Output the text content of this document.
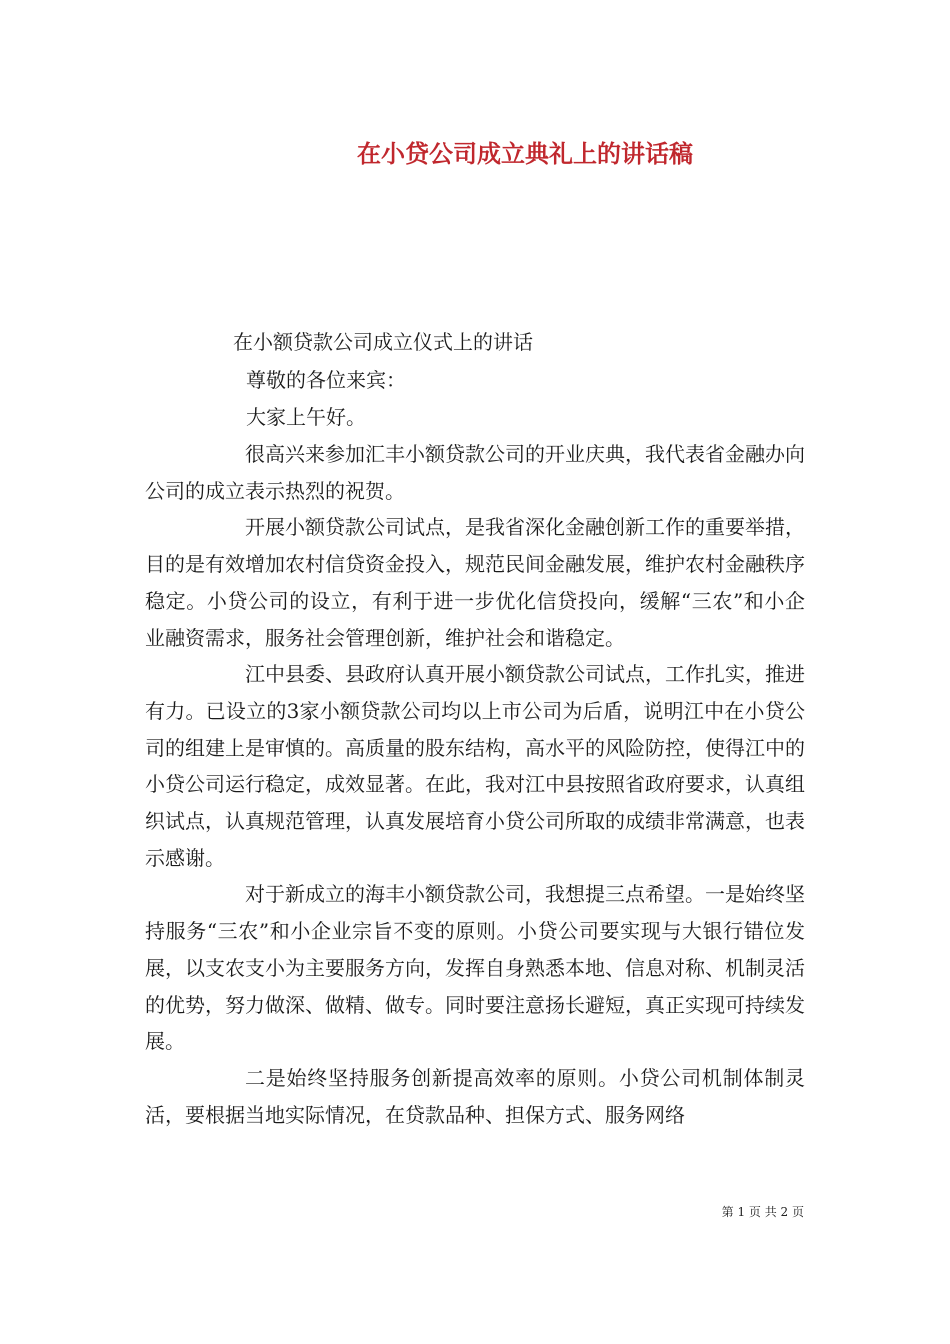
在小贷公司成立典礼上的讲话稿
在小额贷款公司成立仪式上的讲话
尊敬的各位来宾：
大家上午好。

很高兴来参加汇丰小额贷款公司的开业庆典，我代表省金融办向公司的成立表示热烈的祝贺。

开展小额贷款公司试点，是我省深化金融创新工作的重要举措，目的是有效增加农村信贷资金投入，规范民间金融发展，维护农村金融秩序稳定。小贷公司的设立，有利于进一步优化信贷投向，缓解“三农”和小企业融资需求，服务社会管理创新，维护社会和谐稳定。

江中县委、县政府认真开展小额贷款公司试点，工作扎实，推进有力。已设立的3家小额贷款公司均以上市公司为后盾，说明江中在小贷公司的组建上是审慎的。高质量的股东结构，高水平的风险防控，使得江中的小贷公司运行稳定，成效显著。在此，我对江中县按照省政府要求，认真组织试点，认真规范管理，认真发展培育小贷公司所取的成绩非常满意，也表示感谢。

对于新成立的海丰小额贷款公司，我想提三点希望。一是始终坚持服务“三农”和小企业宗旨不变的原则。小贷公司要实现与大银行错位发展，以支农支小为主要服务方向，发挥自身熟悉本地、信息对称、机制灵活的优势，努力做深、做精、做专。同时要注意扬长避短，真正实现可持续发展。

二是始终坚持服务创新提高效率的原则。小贷公司机制体制灵活，要根据当地实际情况，在贷款品种、担保方式、服务网络

第 1 页 共 2 页
